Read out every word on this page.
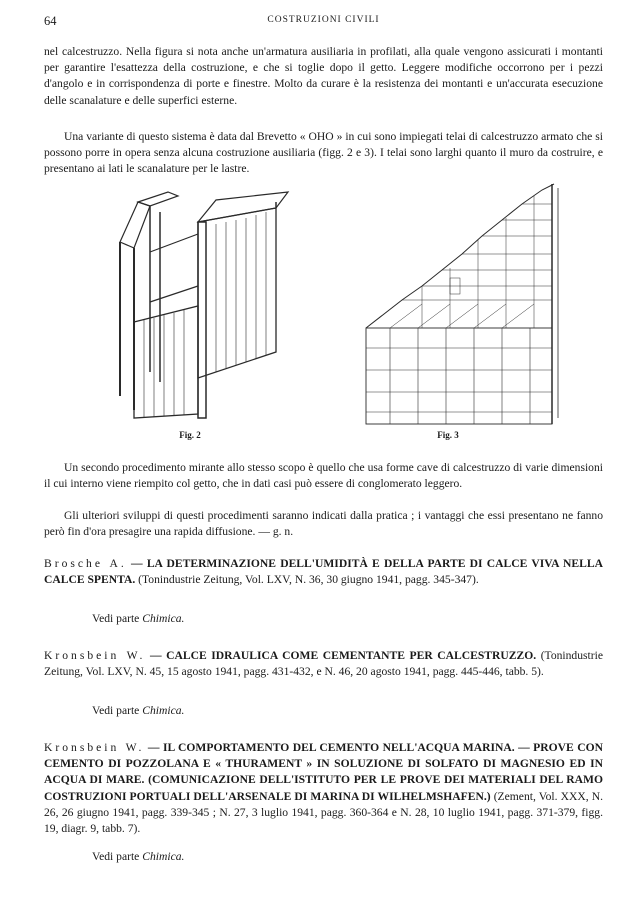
64	COSTRUZIONI CIVILI

nel calcestruzzo. Nella figura si nota anche un'armatura ausiliaria in profilati, alla quale vengono assicurati i montanti per garantire l'esattezza della costruzione, e che si toglie dopo il getto. Leggere modifiche occorrono per i pezzi d'angolo e in corrispondenza di porte e finestre. Molto da curare è la resistenza dei montanti e un'accurata esecuzione delle scanalature e delle superfici esterne.

Una variante di questo sistema è data dal Brevetto « OHO » in cui sono impiegati telai di calcestruzzo armato che si possono porre in opera senza alcuna costruzione ausiliaria (figg. 2 e 3). I telai sono larghi quanto il muro da costruire, e presentano ai lati le scanalature per le lastre.

Fig. 2	Fig. 3

Un secondo procedimento mirante allo stesso scopo è quello che usa forme cave di calcestruzzo di varie dimensioni il cui interno viene riempito col getto, che in dati casi può essere di conglomerato leggero.

Gli ulteriori sviluppi di questi procedimenti saranno indicati dalla pratica ; i vantaggi che essi presentano ne fanno però fin d'ora presagire una rapida diffusione. — g. n.

Brosche A. — LA DETERMINAZIONE DELL'UMIDITÀ E DELLA PARTE DI CALCE VIVA NELLA CALCE SPENTA. (Tonindustrie Zeitung, Vol. LXV, N. 36, 30 giugno 1941, pagg. 345-347).
Vedi parte Chimica.
Kronsbein W. — CALCE IDRAULICA COME CEMENTANTE PER CALCESTRUZZO. (Tonindustrie Zeitung, Vol. LXV, N. 45, 15 agosto 1941, pagg. 431-432, e N. 46, 20 agosto 1941, pagg. 445-446, tabb. 5).
Vedi parte Chimica.
Kronsbein W. — IL COMPORTAMENTO DEL CEMENTO NELL'ACQUA MARINA. — PROVE CON CEMENTO DI POZZOLANA E « THURAMENT » IN SOLUZIONE DI SOLFATO DI MAGNESIO ED IN ACQUA DI MARE. (COMUNICAZIONE DELL'ISTITUTO PER LE PROVE DEI MATERIALI DEL RAMO COSTRUZIONI PORTUALI DELL'ARSENALE DI MARINA DI WILHELMSHAFEN.) (Zement, Vol. XXX, N. 26, 26 giugno 1941, pagg. 339-345 ; N. 27, 3 luglio 1941, pagg. 360-364 e N. 28, 10 luglio 1941, pagg. 371-379, figg. 19, diagr. 9, tabb. 7).
Vedi parte Chimica.
